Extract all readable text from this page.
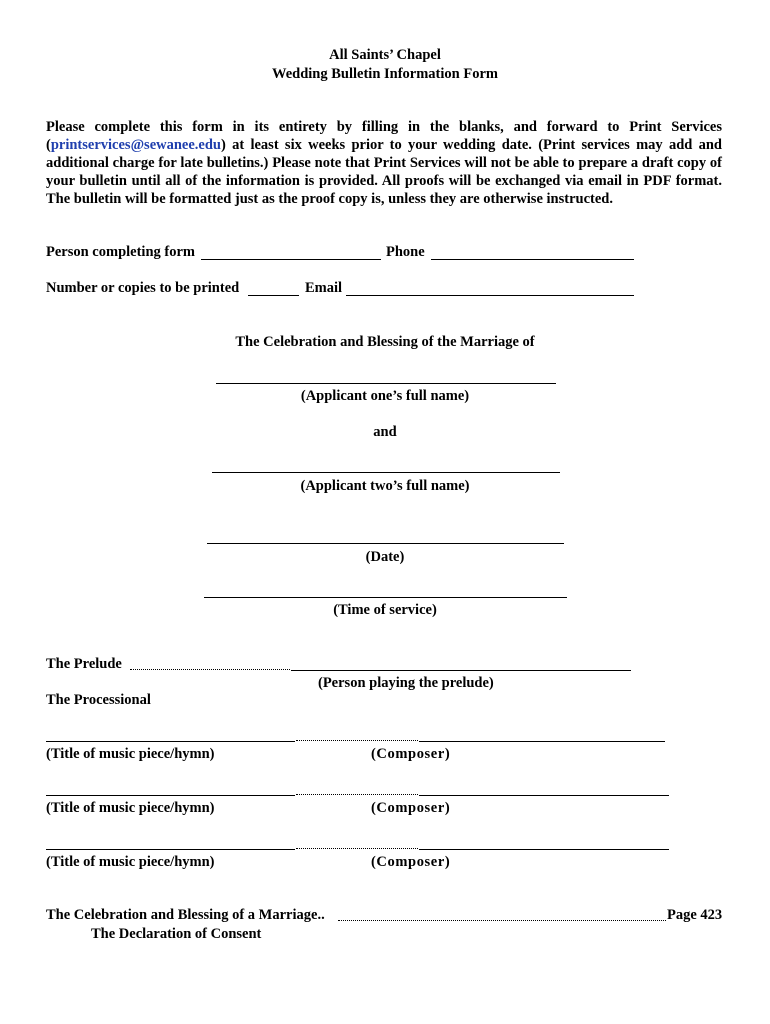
All Saints’ Chapel
Wedding Bulletin Information Form
Please complete this form in its entirety by filling in the blanks, and forward to Print Services (printservices@sewanee.edu) at least six weeks prior to your wedding date. (Print services may add and additional charge for late bulletins.) Please note that Print Services will not be able to prepare a draft copy of your bulletin until all of the information is provided. All proofs will be exchanged via email in PDF format. The bulletin will be formatted just as the proof copy is, unless they are otherwise instructed.
Person completing form	Phone
Number or copies to be printed	Email
The Celebration and Blessing of the Marriage of
(Applicant one’s full name)
and
(Applicant two’s full name)
(Date)
(Time of service)
The Prelude
(Person playing the prelude)
The Processional
(Title of music piece/hymn)	(Composer)
(Title of music piece/hymn)	(Composer)
(Title of music piece/hymn)	(Composer)
The Celebration and Blessing of a Marriage..	Page 423
The Declaration of Consent
